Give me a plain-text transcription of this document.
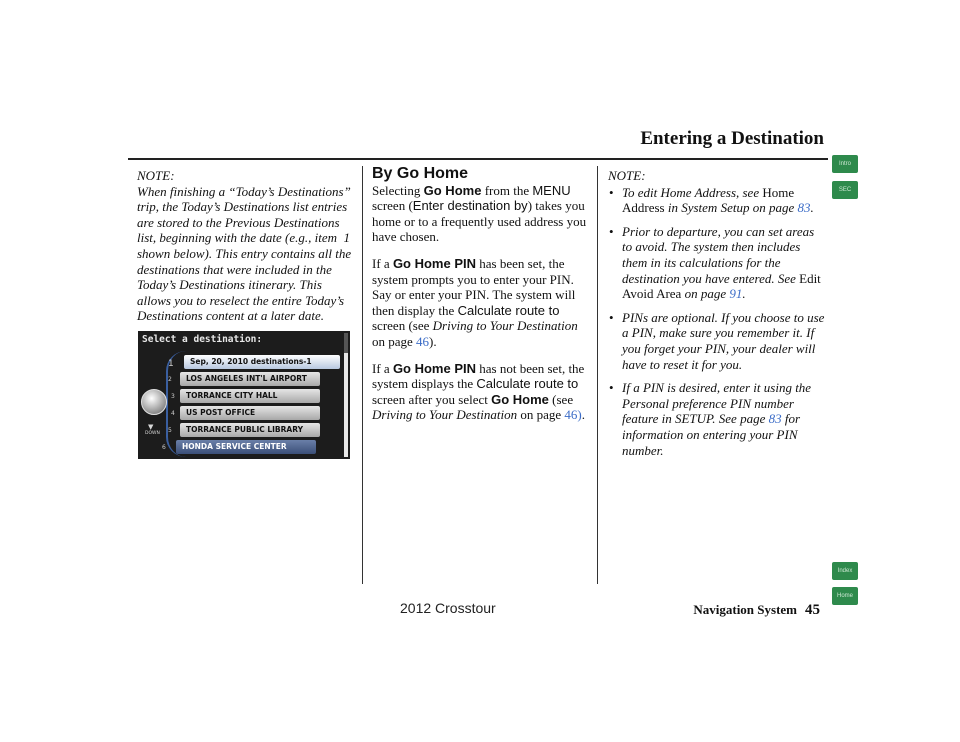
Entering a Destination
Intro
SEC
Index
Home

NOTE:

When finishing a “Today’s Destinations” trip, the Today’s Destinations list entries are stored to the Previous Destinations list, beginning with the date (e.g., item  1 shown below). This entry contains all the destinations that were included in the Today’s Destinations itinerary. This allows you to reselect the entire Today’s Destinations content at a later date.

Select a destination:
Sep, 20, 2010 destinations-1
LOS ANGELES INT'L AIRPORT
TORRANCE CITY HALL
US POST OFFICE
TORRANCE PUBLIC LIBRARY
HONDA SERVICE CENTER
1
2
3
4
5
6
▼
DOWN
By Go Home

Selecting Go Home from the MENU screen (Enter destination by) takes you home or to a frequently used address you have chosen.

If a Go Home PIN has been set, the system prompts you to enter your PIN. Say or enter your PIN. The system will then display the Calculate route to screen (see Driving to Your Destination on page 46).

If a Go Home PIN has not been set, the system displays the Calculate route to screen after you select Go Home (see Driving to Your Destination on page 46).

NOTE:

• To edit Home Address, see Home Address in System Setup on page 83.
• Prior to departure, you can set areas to avoid. The system then includes them in its calculations for the destination you have entered. See Edit Avoid Area on page 91.
• PINs are optional. If you choose to use a PIN, make sure you remember it. If you forget your PIN, your dealer will have to reset it for you.
• If a PIN is desired, enter it using the Personal preference PIN number feature in SETUP. See page 83 for information on entering your PIN number.
Navigation System 45
2012 Crosstour
